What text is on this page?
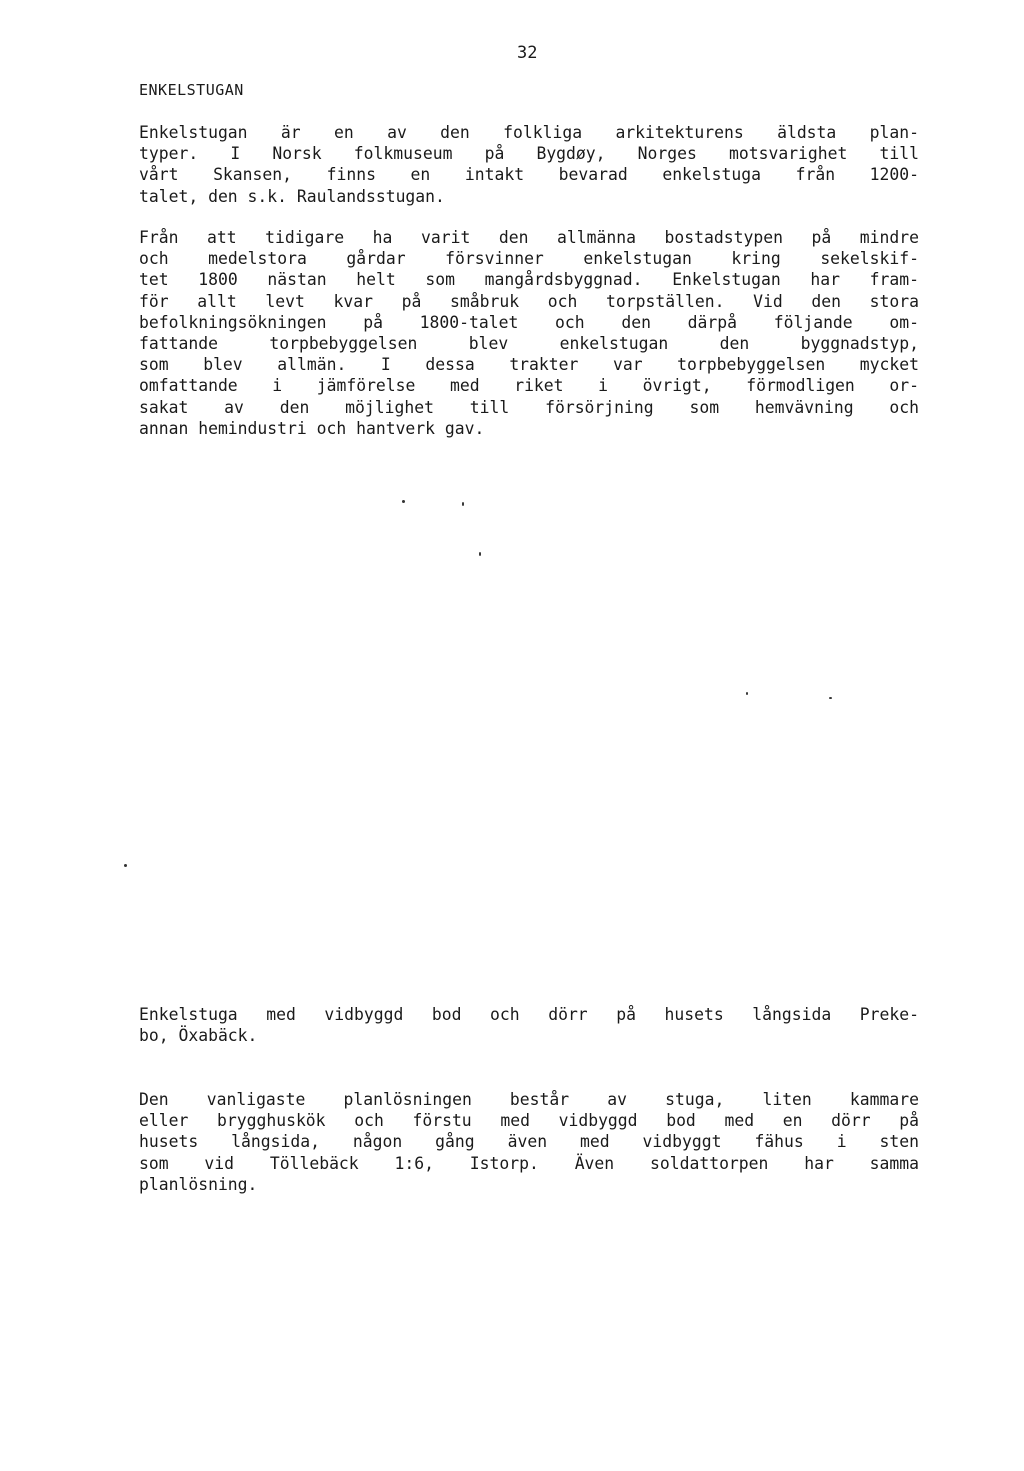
32
ENKELSTUGAN
Enkelstugan är en av den folkliga arkitekturens äldsta plan-
typer. I Norsk folkmuseum på Bygdøy, Norges motsvarighet till
vårt Skansen, finns en intakt bevarad enkelstuga från 1200-
talet, den s.k. Raulandsstugan.
Från att tidigare ha varit den allmänna bostadstypen på mindre
och medelstora gårdar försvinner enkelstugan kring sekelskif-
tet 1800 nästan helt som mangårdsbyggnad. Enkelstugan har fram-
för allt levt kvar på småbruk och torpställen. Vid den stora
befolkningsökningen på 1800-talet och den därpå följande om-
fattande torpbebyggelsen blev enkelstugan den byggnadstyp,
som blev allmän. I dessa trakter var torpbebyggelsen mycket
omfattande i jämförelse med riket i övrigt, förmodligen or-
sakat av den möjlighet till försörjning som hemvävning och
annan hemindustri och hantverk gav.
Enkelstuga med vidbyggd bod och dörr på husets långsida Preke-
bo, Öxabäck.
Den vanligaste planlösningen består av stuga, liten kammare
eller brygghuskök och förstu med vidbyggd bod med en dörr på
husets långsida, någon gång även med vidbyggt fähus i sten
som vid Töllebäck 1:6, Istorp. Även soldattorpen har samma
planlösning.
